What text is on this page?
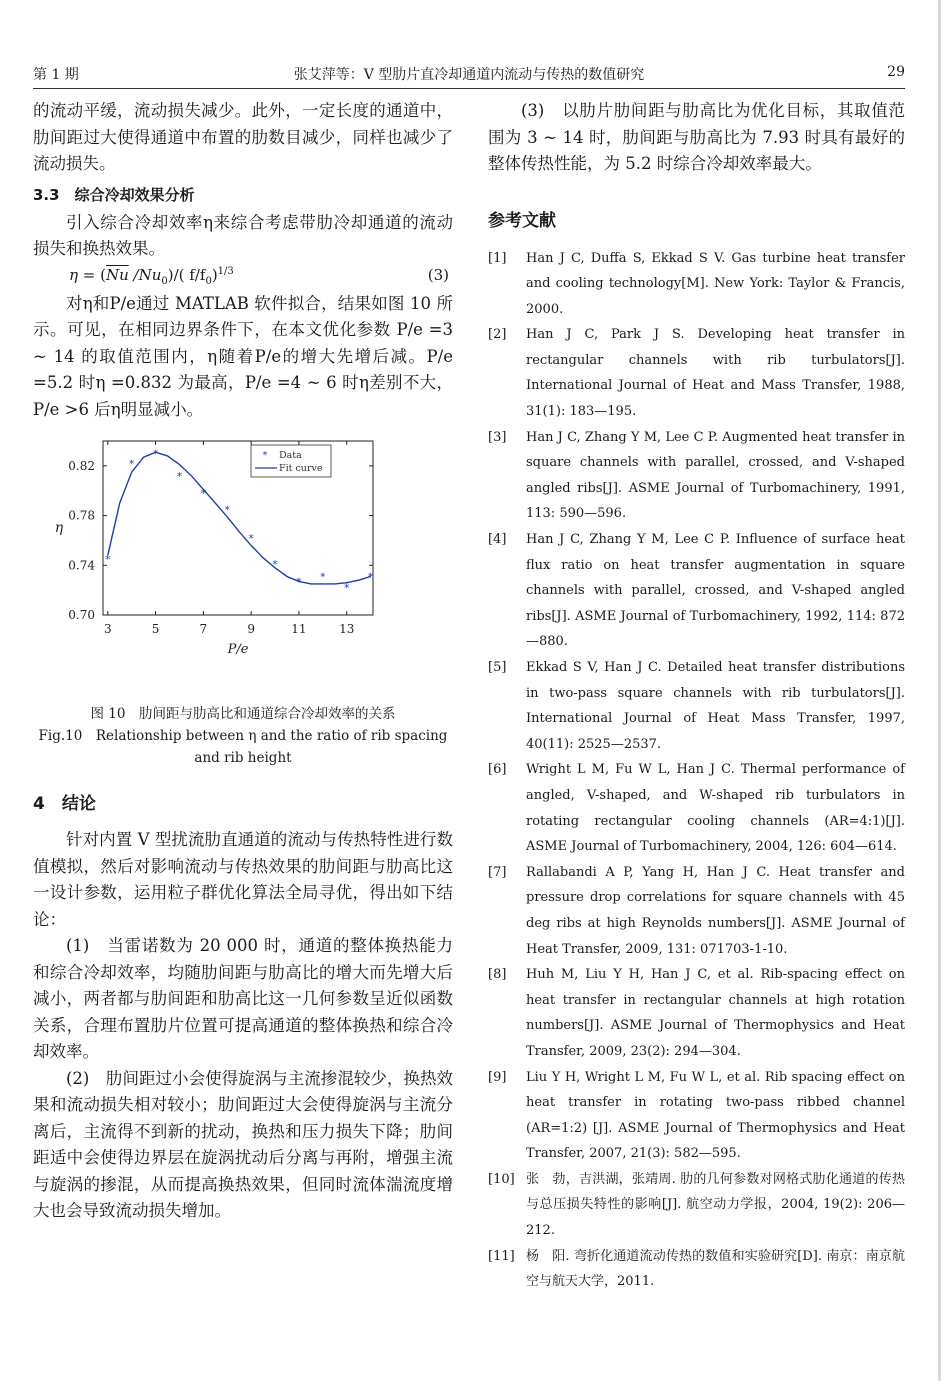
第 1 期	张艾萍等：V 型肋片直冷却通道内流动与传热的数值研究	29

的流动平缓，流动损失减少。此外，一定长度的通道中，肋间距过大使得通道中布置的肋数目减少，同样也减少了流动损失。

3.3　综合冷却效果分析

引入综合冷却效率η来综合考虑带肋冷却通道的流动损失和换热效果。

$\eta = (\overline{Nu}$ $/Nu_0)/$( $f/f_0)^{1/3}$	(3)

对η和P/e通过 MATLAB 软件拟合，结果如图 10 所示。可见，在相同边界条件下，在本文优化参数 P/e =3 ~ 14 的取值范围内，η随着P/e的增大先增后减。P/e =5.2 时η =0.832 为最高，P/e =4 ~ 6 时η差别不大，P/e >6 后η明显减小。

3	5	7	9	11	13
0.70
0.74
0.78
0.82
P/e
η
*
*
*
*
*
*
*
*
* *
*
*
* Data
Fit curve

图 10　肋间距与肋高比和通道综合冷却效率的关系

Fig.10　Relationship between η and the ratio of rib spacing and rib height

4　结论

针对内置 V 型扰流肋直通道的流动与传热特性进行数值模拟，然后对影响流动与传热效果的肋间距与肋高比这一设计参数，运用粒子群优化算法全局寻优，得出如下结论：

(1)　当雷诺数为 20 000 时，通道的整体换热能力和综合冷却效率，均随肋间距与肋高比的增大而先增大后减小，两者都与肋间距和肋高比这一几何参数呈近似函数关系，合理布置肋片位置可提高通道的整体换热和综合冷却效率。

(2)　肋间距过小会使得旋涡与主流掺混较少，换热效果和流动损失相对较小；肋间距过大会使得旋涡与主流分离后，主流得不到新的扰动，换热和压力损失下降；肋间距适中会使得边界层在旋涡扰动后分离与再附，增强主流与旋涡的掺混，从而提高换热效果，但同时流体湍流度增大也会导致流动损失增加。

(3)　以肋片肋间距与肋高比为优化目标，其取值范围为 3 ~ 14 时，肋间距与肋高比为 7.93 时具有最好的整体传热性能，为 5.2 时综合冷却效率最大。

参考文献
[1] Han J C, Duffa S, Ekkad S V. Gas turbine heat transfer and cooling technology[M]. New York: Taylor & Francis, 2000.
[2] Han J C, Park J S. Developing heat transfer in rectangular channels with rib turbulators[J]. International Journal of Heat and Mass Transfer, 1988, 31(1): 183—195.
[3] Han J C, Zhang Y M, Lee C P. Augmented heat transfer in square channels with parallel, crossed, and V-shaped angled ribs[J]. ASME Journal of Turbomachinery, 1991, 113: 590—596.
[4] Han J C, Zhang Y M, Lee C P. Influence of surface heat flux ratio on heat transfer augmentation in square channels with parallel, crossed, and V-shaped angled ribs[J]. ASME Journal of Turbomachinery, 1992, 114: 872—880.
[5] Ekkad S V, Han J C. Detailed heat transfer distributions in two-pass square channels with rib turbulators[J]. International Journal of Heat Mass Transfer, 1997, 40(11): 2525—2537.
[6] Wright L M, Fu W L, Han J C. Thermal performance of angled, V-shaped, and W-shaped rib turbulators in rotating rectangular cooling channels (AR=4:1)[J]. ASME Journal of Turbomachinery, 2004, 126: 604—614.
[7] Rallabandi A P, Yang H, Han J C. Heat transfer and pressure drop correlations for square channels with 45 deg ribs at high Reynolds numbers[J]. ASME Journal of Heat Transfer, 2009, 131: 071703-1-10.
[8] Huh M, Liu Y H, Han J C, et al. Rib-spacing effect on heat transfer in rectangular channels at high rotation numbers[J]. ASME Journal of Thermophysics and Heat Transfer, 2009, 23(2): 294—304.
[9] Liu Y H, Wright L M, Fu W L, et al. Rib spacing effect on heat transfer in rotating two-pass ribbed channel (AR=1:2) [J]. ASME Journal of Thermophysics and Heat Transfer, 2007, 21(3): 582—595.
[10] 张　勃，吉洪湖，张靖周. 肋的几何参数对网格式肋化通道的传热与总压损失特性的影响[J]. 航空动力学报，2004, 19(2): 206—212.
[11] 杨　阳. 弯折化通道流动传热的数值和实验研究[D]. 南京：南京航空与航天大学，2011.
